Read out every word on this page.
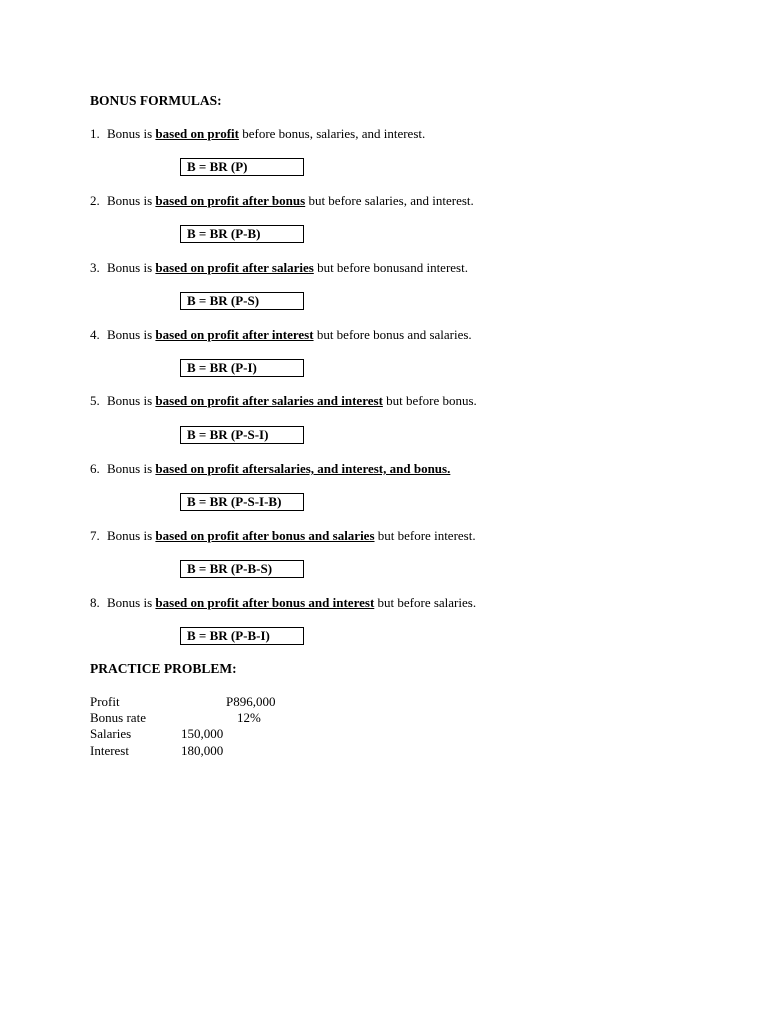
BONUS FORMULAS:
1. Bonus is based on profit before bonus, salaries, and interest.
B = BR (P)
2. Bonus is based on profit after bonus but before salaries, and interest.
B = BR (P-B)
3. Bonus is based on profit after salaries but before bonusand interest.
B = BR (P-S)
4. Bonus is based on profit after interest but before bonus and salaries.
B = BR (P-I)
5. Bonus is based on profit after salaries and interest but before bonus.
B = BR (P-S-I)
6. Bonus is based on profit aftersalaries, and interest, and bonus.
B = BR (P-S-I-B)
7. Bonus is based on profit after bonus and salaries but before interest.
B = BR (P-B-S)
8. Bonus is based on profit after bonus and interest but before salaries.
B = BR (P-B-I)
PRACTICE PROBLEM:
Profit	P896,000
Bonus rate	12%
Salaries	150,000
Interest	180,000
